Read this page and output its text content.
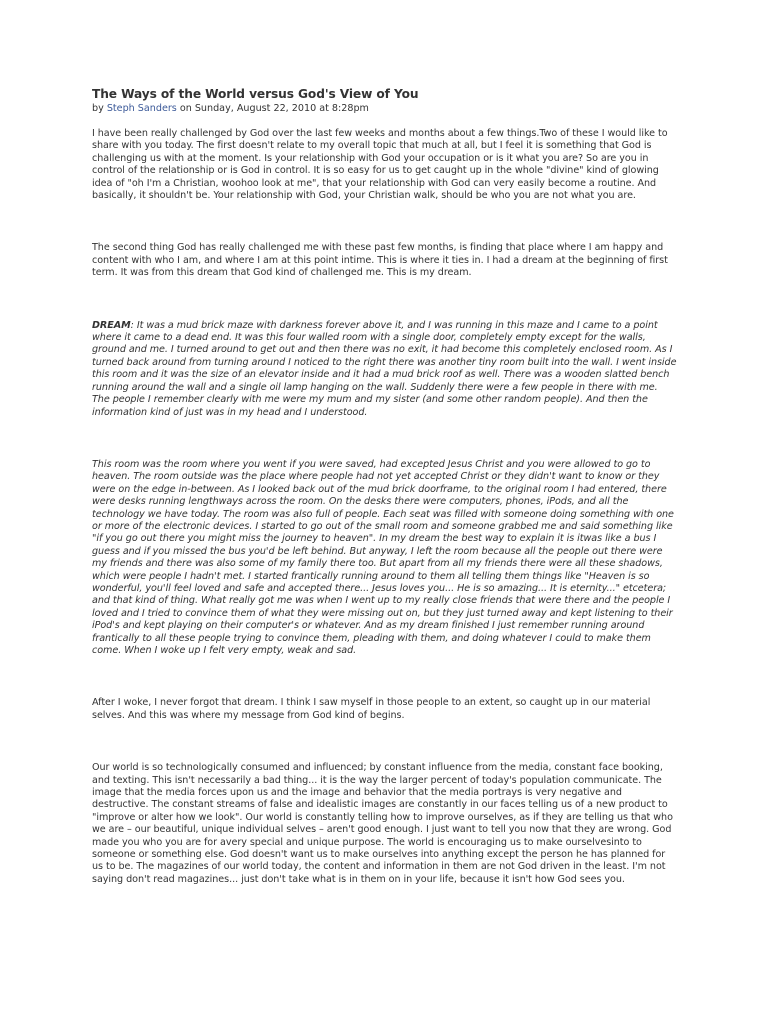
The Ways of the World versus God's View of You
by Steph Sanders on Sunday, August 22, 2010 at 8:28pm

I have been really challenged by God over the last few weeks and months about a few things.Two of these I would like to share with you today. The first doesn't relate to my overall topic that much at all, but I feel it is something that God is challenging us with at the moment. Is your relationship with God your occupation or is it what you are? So are you in control of the relationship or is God in control. It is so easy for us to get caught up in the whole "divine" kind of glowing idea of "oh I'm a Christian, woohoo look at me", that your relationship with God can very easily become a routine. And basically, it shouldn't be. Your relationship with God, your Christian walk, should be who you are not what you are.

The second thing God has really challenged me with these past few months, is finding that place where I am happy and content with who I am, and where I am at this point intime. This is where it ties in. I had a dream at the beginning of first term. It was from this dream that God kind of challenged me. This is my dream.

DREAM: It was a mud brick maze with darkness forever above it, and I was running in this maze and I came to a point where it came to a dead end. It was this four walled room with a single door, completely empty except for the walls, ground and me. I turned around to get out and then there was no exit, it had become this completely enclosed room. As I turned back around from turning around I noticed to the right there was another tiny room built into the wall. I went inside this room and it was the size of an elevator inside and it had a mud brick roof as well. There was a wooden slatted bench running around the wall and a single oil lamp hanging on the wall. Suddenly there were a few people in there with me. The people I remember clearly with me were my mum and my sister (and some other random people). And then the information kind of just was in my head and I understood.

This room was the room where you went if you were saved, had excepted Jesus Christ and you were allowed to go to heaven. The room outside was the place where people had not yet accepted Christ or they didn't want to know or they were on the edge in-between. As I looked back out of the mud brick doorframe, to the original room I had entered, there were desks running lengthways across the room. On the desks there were computers, phones, iPods, and all the technology we have today. The room was also full of people. Each seat was filled with someone doing something with one or more of the electronic devices. I started to go out of the small room and someone grabbed me and said something like "if you go out there you might miss the journey to heaven". In my dream the best way to explain it is itwas like a bus I guess and if you missed the bus you'd be left behind. But anyway, I left the room because all the people out there were my friends and there was also some of my family there too. But apart from all my friends there were all these shadows, which were people I hadn't met. I started frantically running around to them all telling them things like "Heaven is so wonderful, you'll feel loved and safe and accepted there... Jesus loves you... He is so amazing... It is eternity..." etcetera; and that kind of thing. What really got me was when I went up to my really close friends that were there and the people I loved and I tried to convince them of what they were missing out on, but they just turned away and kept listening to their iPod's and kept playing on their computer's or whatever. And as my dream finished I just remember running around frantically to all these people trying to convince them, pleading with them, and doing whatever I could to make them come. When I woke up I felt very empty, weak and sad.

After I woke, I never forgot that dream. I think I saw myself in those people to an extent, so caught up in our material selves. And this was where my message from God kind of begins.

Our world is so technologically consumed and influenced; by constant influence from the media, constant face booking, and texting. This isn't necessarily a bad thing... it is the way the larger percent of today's population communicate. The image that the media forces upon us and the image and behavior that the media portrays is very negative and destructive. The constant streams of false and idealistic images are constantly in our faces telling us of a new product to "improve or alter how we look". Our world is constantly telling how to improve ourselves, as if they are telling us that who we are – our beautiful, unique individual selves – aren't good enough. I just want to tell you now that they are wrong. God made you who you are for avery special and unique purpose. The world is encouraging us to make ourselvesinto to someone or something else. God doesn't want us to make ourselves into anything except the person he has planned for us to be. The magazines of our world today, the content and information in them are not God driven in the least. I'm not saying don't read magazines... just don't take what is in them on in your life, because it isn't how God sees you.
